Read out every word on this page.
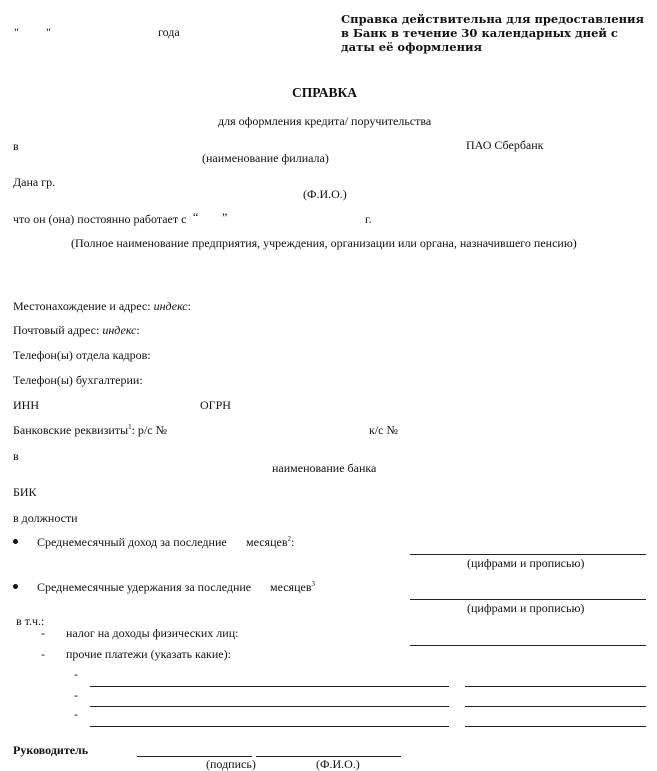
" "	года
Справка действительна для предоставления в Банк в течение 30 календарных дней с даты её оформления
СПРАВКА
для оформления кредита/ поручительства
в	ПАО Сбербанк
(наименование филиала)
Дана гр.
(Ф.И.О.)
что он (она) постоянно работает с “ ”	г.
(Полное наименование предприятия, учреждения, организации или органа, назначившего пенсию)
Местонахождение и адрес: индекс:
Почтовый адрес: индекс:
Телефон(ы) отдела кадров:
Телефон(ы) бухгалтерии:
ИНН	ОГРН
Банковские реквизиты$^1$: р/с №	к/с №
в
наименование банка
БИК
в должности
Среднемесячный доход за последние месяцев$^2$:
(цифрами и прописью)
Среднемесячные удержания за последние месяцев$^3$
(цифрами и прописью)
в т.ч.:
- налог на доходы физических лиц:
- прочие платежи (указать какие):
-
-
-
Руководитель
(подпись)	(Ф.И.О.)
